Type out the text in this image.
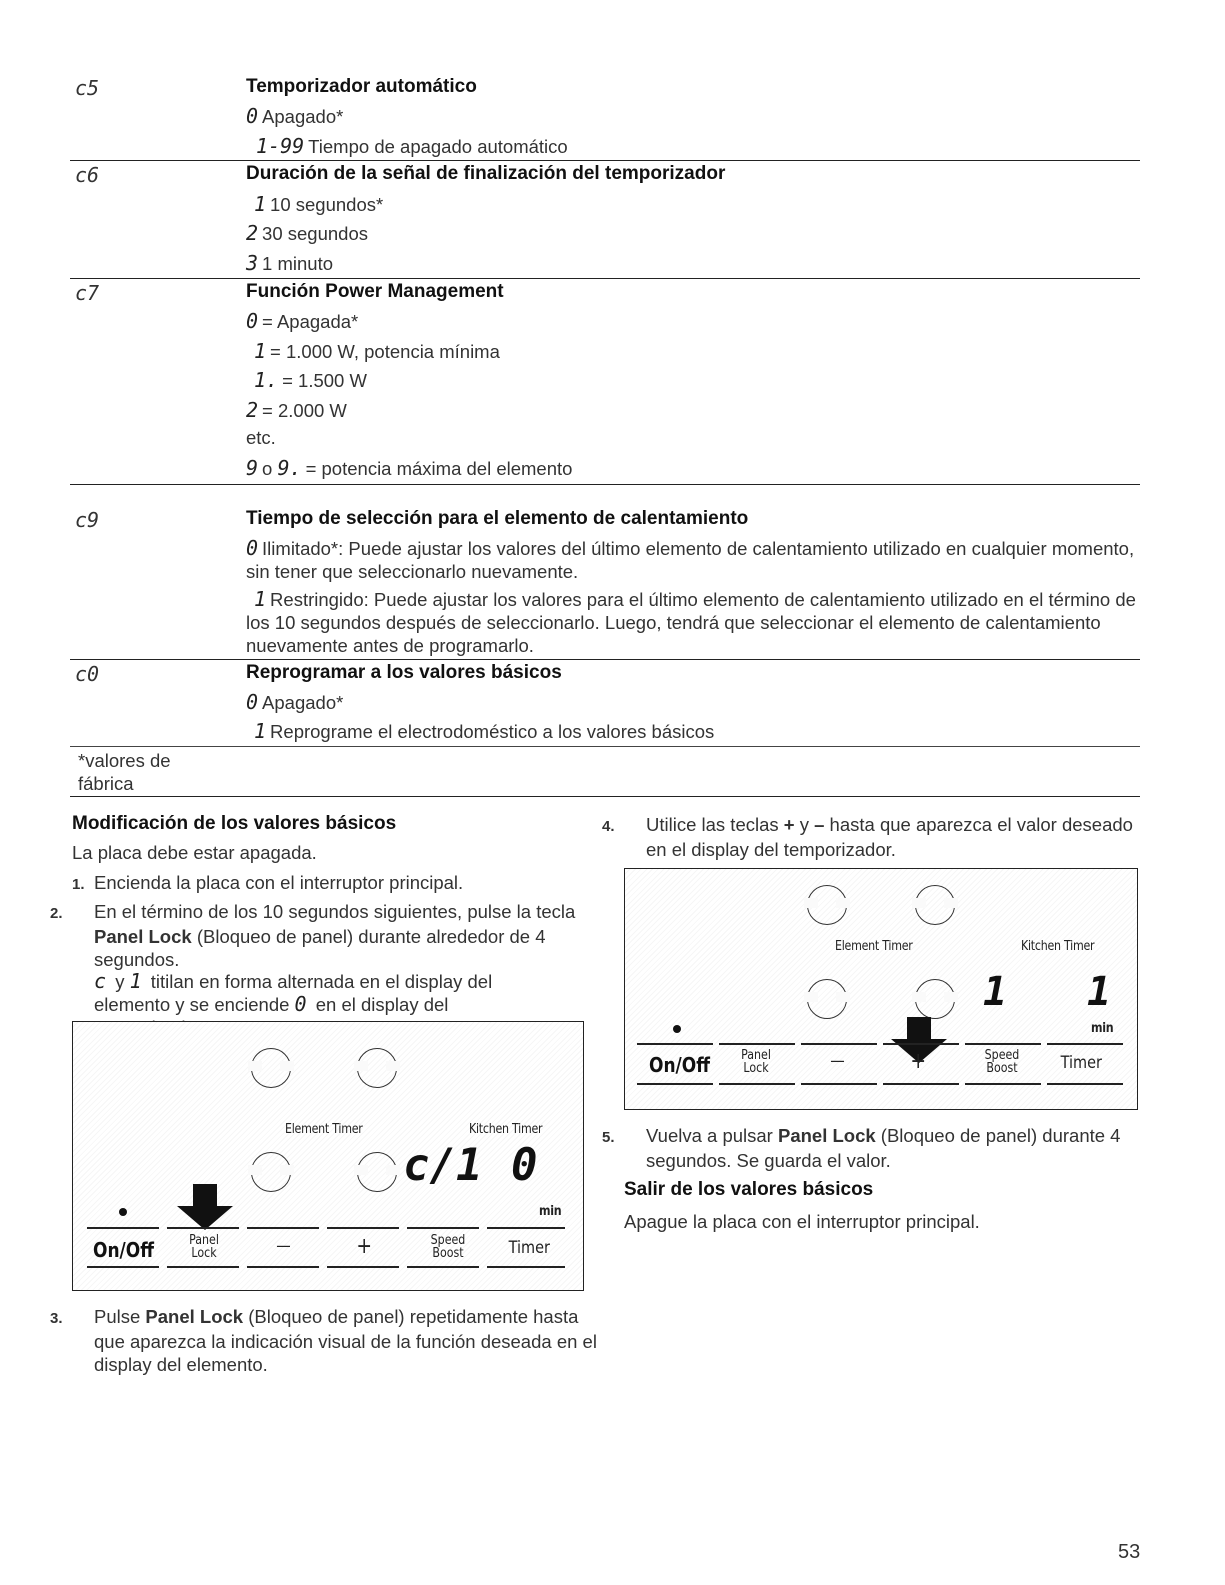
c5	Temporizador automático
0 Apagado*
1-99 Tiempo de apagado automático
c6	Duración de la señal de finalización del temporizador
1 10 segundos*
2 30 segundos
3 1 minuto
c7	Función Power Management
0 = Apagada*
1 = 1.000 W, potencia mínima
1. = 1.500 W
2 = 2.000 W
etc.
9 o 9. = potencia máxima del elemento
c9	Tiempo de selección para el elemento de calentamiento
0 Ilimitado*: Puede ajustar los valores del último elemento de calentamiento utilizado en cualquier momento, sin tener que seleccionarlo nuevamente.
1 Restringido: Puede ajustar los valores para el último elemento de calentamiento utilizado en el término de los 10 segundos después de seleccionarlo. Luego, tendrá que seleccionar el elemento de calentamiento nuevamente antes de programarlo.
c0	Reprogramar a los valores básicos
0 Apagado*
1 Reprograme el electrodoméstico a los valores básicos
*valores de fábrica
Modificación de los valores básicos
La placa debe estar apagada.
1. Encienda la placa con el interruptor principal.
2. En el término de los 10 segundos siguientes, pulse la tecla Panel Lock (Bloqueo de panel) durante alrededor de 4 segundos.
c y 1 titilan en forma alternada en el display del elemento y se enciende 0 en el display del
Element Timer	Kitchen Timer
c/1 0
min
On/Off	Panel
Lock	—	+	Speed
Boost	Timer
3. Pulse Panel Lock (Bloqueo de panel) repetidamente hasta que aparezca la indicación visual de la función deseada en el display del elemento.
4. Utilice las teclas + y – hasta que aparezca el valor deseado en el display del temporizador.
Element Timer	Kitchen Timer
1 1
min
On/Off Panel
Lock	—	+	Speed
Boost	Timer
5. Vuelva a pulsar Panel Lock (Bloqueo de panel) durante 4 segundos. Se guarda el valor.
Salir de los valores básicos
Apague la placa con el interruptor principal.
53
